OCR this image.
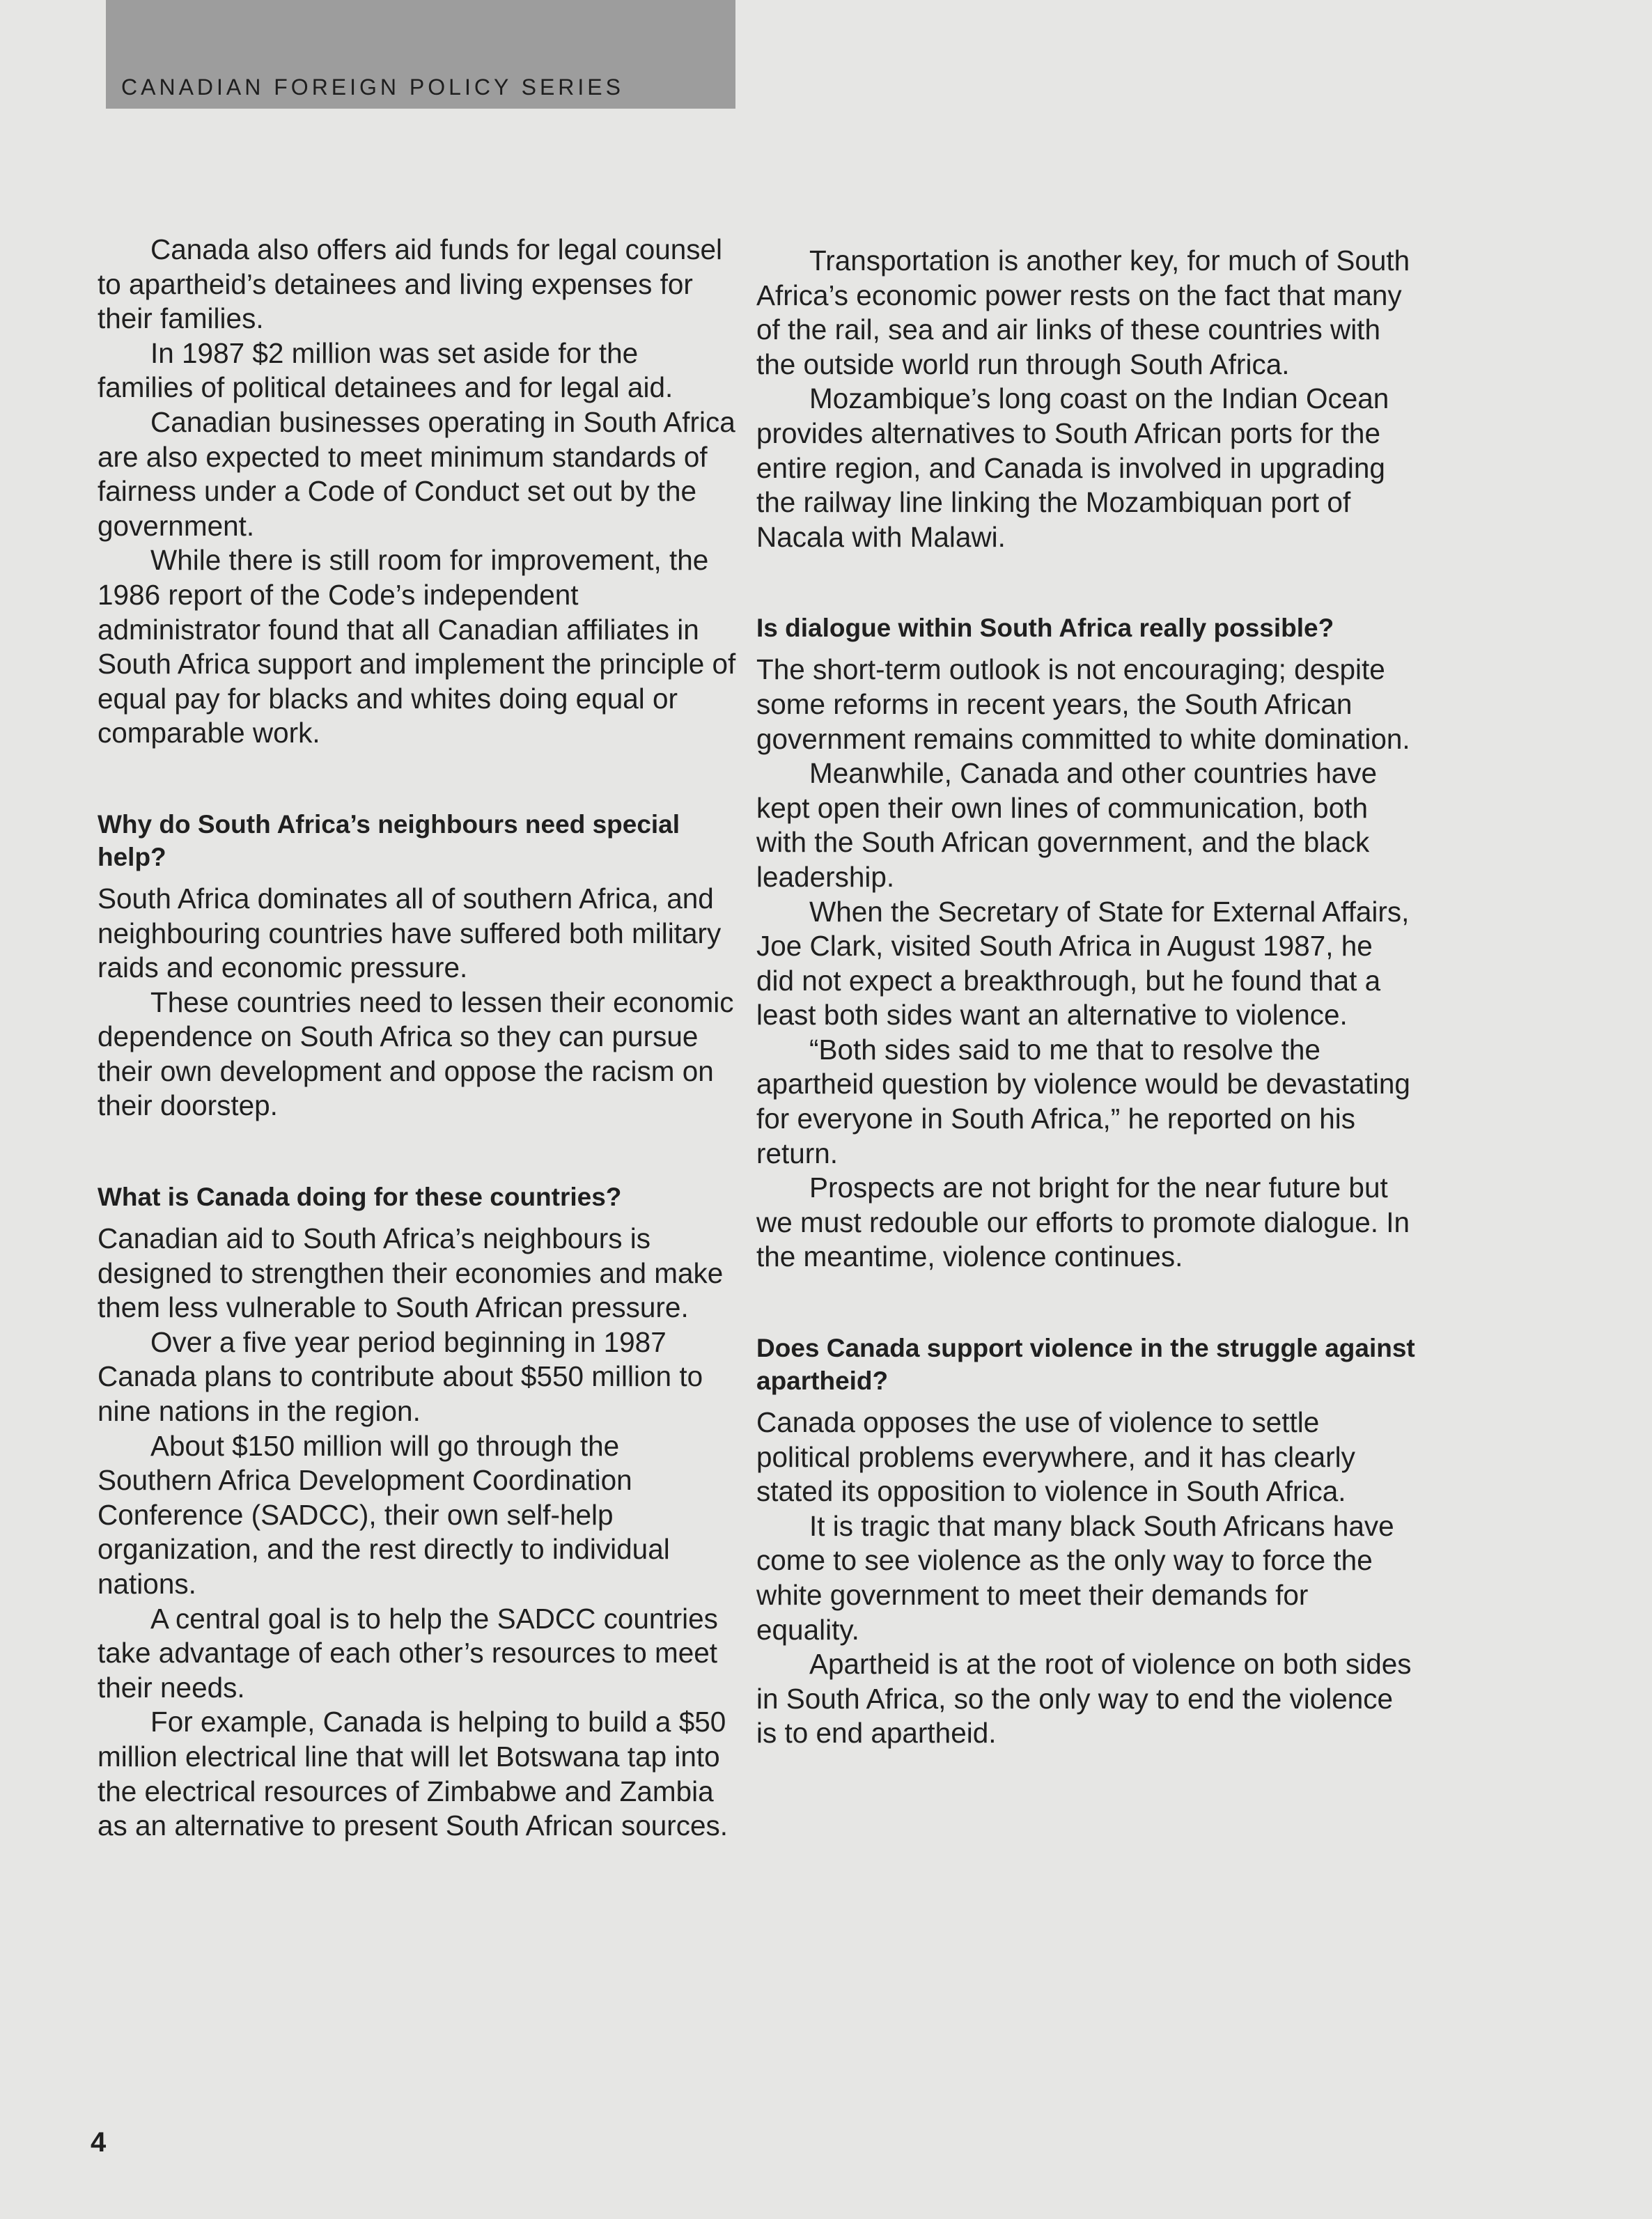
CANADIAN FOREIGN POLICY SERIES

Canada also offers aid funds for legal counsel to apartheid’s detainees and living expenses for their families.

In 1987 $2 million was set aside for the families of political detainees and for legal aid.

Canadian businesses operating in South Africa are also expected to meet minimum standards of fairness under a Code of Conduct set out by the government.

While there is still room for improvement, the 1986 report of the Code’s independent administrator found that all Canadian affiliates in South Africa support and implement the principle of equal pay for blacks and whites doing equal or comparable work.

Why do South Africa’s neighbours need special help?

South Africa dominates all of southern Africa, and neighbouring countries have suffered both military raids and economic pressure.

These countries need to lessen their economic dependence on South Africa so they can pursue their own development and oppose the racism on their doorstep.

What is Canada doing for these countries?

Canadian aid to South Africa’s neighbours is designed to strengthen their economies and make them less vulnerable to South African pressure.

Over a five year period beginning in 1987 Canada plans to contribute about $550 million to nine nations in the region.

About $150 million will go through the Southern Africa Development Coordination Conference (SADCC), their own self-help organization, and the rest directly to individual nations.

A central goal is to help the SADCC countries take advantage of each other’s resources to meet their needs.

For example, Canada is helping to build a $50 million electrical line that will let Botswana tap into the electrical resources of Zimbabwe and Zambia as an alternative to present South African sources.

Transportation is another key, for much of South Africa’s economic power rests on the fact that many of the rail, sea and air links of these countries with the outside world run through South Africa.

Mozambique’s long coast on the Indian Ocean provides alternatives to South African ports for the entire region, and Canada is involved in upgrading the railway line linking the Mozambiquan port of Nacala with Malawi.

Is dialogue within South Africa really possible?

The short-term outlook is not encouraging; despite some reforms in recent years, the South African government remains committed to white domination.

Meanwhile, Canada and other countries have kept open their own lines of communication, both with the South African government, and the black leadership.

When the Secretary of State for External Affairs, Joe Clark, visited South Africa in August 1987, he did not expect a breakthrough, but he found that a least both sides want an alternative to violence.

“Both sides said to me that to resolve the apartheid question by violence would be devastating for everyone in South Africa,” he reported on his return.

Prospects are not bright for the near future but we must redouble our efforts to promote dialogue. In the meantime, violence continues.

Does Canada support violence in the struggle against apartheid?

Canada opposes the use of violence to settle political problems everywhere, and it has clearly stated its opposition to violence in South Africa.

It is tragic that many black South Africans have come to see violence as the only way to force the white government to meet their demands for equality.

Apartheid is at the root of violence on both sides in South Africa, so the only way to end the violence is to end apartheid.

4
